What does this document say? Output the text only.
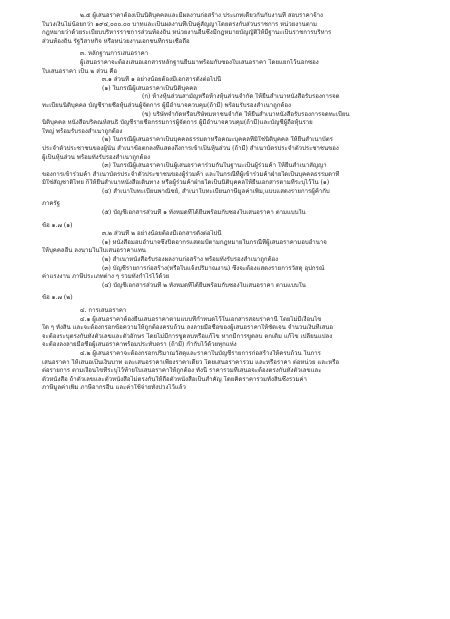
๒.๕ ผู้เสนอราคาต้องเป็นนิติบุคคลและมีผลงานก่อสร้าง ประเภทเดียวกันกับงานที่ สอบราคาจ้าง
ในวงเงินไม่น้อยกว่า ๑๙๔,๐๐๐.๐๐ บาทและเป็นผลงานที่เป็นคู่สัญญาโดยตรงกับส่วนราชการ หน่วยงานตาม
กฎหมายว่าด้วยระเบียบบริหารราชการส่วนท้องถิ่น หน่วยงานอื่นซึ่งมีกฎหมายบัญญัติให้มีฐานะเป็นราชการบริหาร
ส่วนท้องถิ่น รัฐวิสาหกิจ หรือหน่วยงานเอกชนที่กรมเชื่อถือ
๓. หลักฐานการเสนอราคา
ผู้เสนอราคาจะต้องเสนอเอกสารหลักฐานยื่นมาพร้อมกับซองใบเสนอราคา โดยแยกไว้นอกซอง
ใบเสนอราคา เป็น ๒ ส่วน คือ
๓.๑ ส่วนที่ ๑ อย่างน้อยต้องมีเอกสารดังต่อไปนี้
(๑) ในกรณีผู้เสนอราคาเป็นนิติบุคคล
(ก) ห้างหุ้นส่วนสามัญหรือห้างหุ้นส่วนจำกัด ให้ยื่นสำเนาหนังสือรับรองการจด
ทะเบียนนิติบุคคล บัญชีรายชื่อหุ้นส่วนผู้จัดการ ผู้มีอำนาจควบคุม(ถ้ามี) พร้อมรับรองสำเนาถูกต้อง
(ข) บริษัทจำกัดหรือบริษัทมหาชนจำกัด ให้ยื่นสำเนาหนังสือรับรองการจดทะเบียน
นิติบุคคล หนังสือบริคณห์สนธิ บัญชีรายชื่อกรรมการผู้จัดการ ผู้มีอำนาจควบคุม(ถ้ามี)และบัญชีผู้ถือหุ้นราย
ใหญ่ พร้อมรับรองสำเนาถูกต้อง
(๒) ในกรณีผู้เสนอราคาเป็นบุคคลธรรมดาหรือคณะบุคคลที่มิใช่นิติบุคคล ให้ยื่นสำเนาบัตร
ประจำตัวประชาชนของผู้นั้น สำเนาข้อตกลงที่แสดงถึงการเข้าเป็นหุ้นส่วน (ถ้ามี) สำเนาบัตรประจำตัวประชาชนของ
ผู้เป็นหุ้นส่วน พร้อมทั้งรับรองสำเนาถูกต้อง
(๓) ในกรณีผู้เสนอราคาเป็นผู้เสนอราคาร่วมกันในฐานะเป็นผู้ร่วมค้า ให้ยื่นสำเนาสัญญา
ของการเข้าร่วมค้า สำเนาบัตรประจำตัวประชาชนของผู้ร่วมค้า และในกรณีที่ผู้เข้าร่วมค้าฝ่ายใดเป็นบุคคลธรรมดาที่
มิใช่สัญชาติไทย ก็ให้ยื่นสำเนาหนังสือเดินทาง หรือผู้ร่วมค้าฝ่ายใดเป็นนิติบุคคลให้ยื่นเอกสารตามที่ระบุไว้ใน (๑)
(๔) สำเนาใบทะเบียนพาณิชย์, สำเนาใบทะเบียนภาษีมูลค่าเพิ่ม,แบบแสดงรายการผู้ค้ากับ
ภาครัฐ
(๕) บัญชีเอกสารส่วนที่ ๑ ทั้งหมดที่ได้ยื่นพร้อมกับซองใบเสนอราคา ตามแบบใน
ข้อ ๑.๗ (๑)
๓.๒ ส่วนที่ ๒ อย่างน้อยต้องมีเอกสารดังต่อไปนี้
(๑) หนังสือมอบอำนาจซึ่งปิดอากรแสตมป์ตามกฎหมายในกรณีที่ผู้เสนอราคามอบอำนาจ
ให้บุคคลอื่น ลงนามในใบเสนอราคาแทน
(๒) สำเนาหนังสือรับรองผลงานก่อสร้าง พร้อมทั้งรับรองสำเนาถูกต้อง
(๓) บัญชีรายการก่อสร้าง(หรือใบแจ้งปริมาณงาน) ซึ่งจะต้องแสดงรายการวัสดุ อุปกรณ์
ค่าแรงงาน ภาษีประเภทต่าง ๆ รวมทั้งกำไรไว้ด้วย
(๔) บัญชีเอกสารส่วนที่ ๒ ทั้งหมดที่ได้ยื่นพร้อมกับซองใบเสนอราคา ตามแบบใน
ข้อ ๑.๗ (๒)
๔. การเสนอราคา
๔.๑ ผู้เสนอราคาต้องยื่นเสนอราคาตามแบบที่กำหนดไว้ในเอกสารสอบราคานี้ โดยไม่มีเงื่อนไข
ใด ๆ ทั้งสิ้น และจะต้องกรอกข้อความให้ถูกต้องครบถ้วน ลงลายมือชื่อของผู้เสนอราคาให้ชัดเจน จำนวนเงินที่เสนอ
จะต้องระบุตรงกันทั้งตัวเลขและตัวอักษร โดยไม่มีการขูดลบหรือแก้ไข หากมีการขูดลบ ตกเติม แก้ไข เปลี่ยนแปลง
จะต้องลงลายมือชื่อผู้เสนอราคาพร้อมประทับตรา (ถ้ามี) กำกับไว้ด้วยทุกแห่ง
๔.๒ ผู้เสนอราคาจะต้องกรอกปริมาณวัสดุและราคาในบัญชีรายการก่อสร้างให้ครบถ้วน ในการ
เสนอราคา ให้เสนอเป็นเงินบาท และเสนอราคาเพียงราคาเดียว โดยเสนอราคารวม และหรือราคา ต่อหน่วย และหรือ
ต่อรายการ ตามเงื่อนไขที่ระบุไว้ท้ายใบเสนอราคาให้ถูกต้อง ทั้งนี้ ราคารวมที่เสนอจะต้องตรงกันทั้งตัวเลขและ
ตัวหนังสือ ถ้าตัวเลขและตัวหนังสือไม่ตรงกันให้ถือตัวหนังสือเป็นสำคัญ โดยคิดราคารวมทั้งสิ้นซึ่งรวมค่า
ภาษีมูลค่าเพิ่ม ภาษีอากรอื่น และค่าใช้จ่ายทั้งปวงไว้แล้ว
